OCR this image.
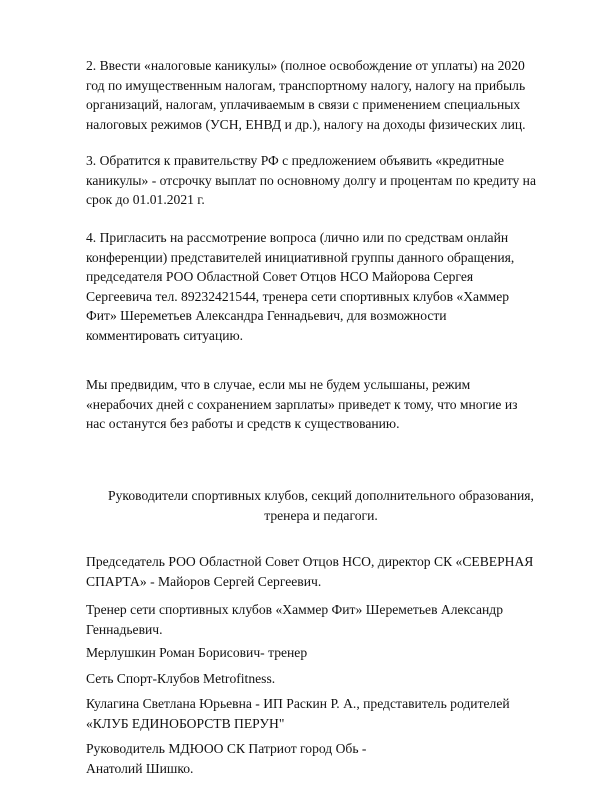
2. Ввести «налоговые каникулы» (полное освобождение от уплаты) на 2020
год по имущественным налогам, транспортному налогу, налогу на прибыль
организаций, налогам, уплачиваемым в связи с применением специальных
налоговых режимов (УСН, ЕНВД и др.), налогу на доходы физических лиц.
3. Обратится к правительству РФ с предложением объявить «кредитные
каникулы» - отсрочку выплат по основному долгу и процентам по кредиту на
срок до 01.01.2021 г.
4. Пригласить на рассмотрение вопроса (лично или по средствам онлайн
конференции) представителей инициативной группы данного обращения,
председателя РОО Областной Совет Отцов НСО Майорова Сергея
Сергеевича тел. 89232421544, тренера сети спортивных клубов «Хаммер
Фит» Шереметьев Александра Геннадьевич, для возможности
комментировать ситуацию.
Мы предвидим, что в случае, если мы не будем услышаны, режим
«нерабочих дней с сохранением зарплаты» приведет к тому, что многие из
нас останутся без работы и средств к существованию.
Руководители спортивных клубов, секций дополнительного образования,
тренера и педагоги.
Председатель РОО Областной Совет Отцов НСО, директор СК «СЕВЕРНАЯ
СПАРТА» - Майоров Сергей Сергеевич.
Тренер сети спортивных клубов «Хаммер Фит» Шереметьев Александр
Геннадьевич.
Мерлушкин Роман Борисович- тренер
Сеть Спорт-Клубов Metrofitness.
Кулагина Светлана Юрьевна - ИП Раскин Р. А., представитель родителей
«КЛУБ ЕДИНОБОРСТВ ПЕРУН"
Руководитель МДЮОО СК Патриот город Обь -
Анатолий Шишко.
